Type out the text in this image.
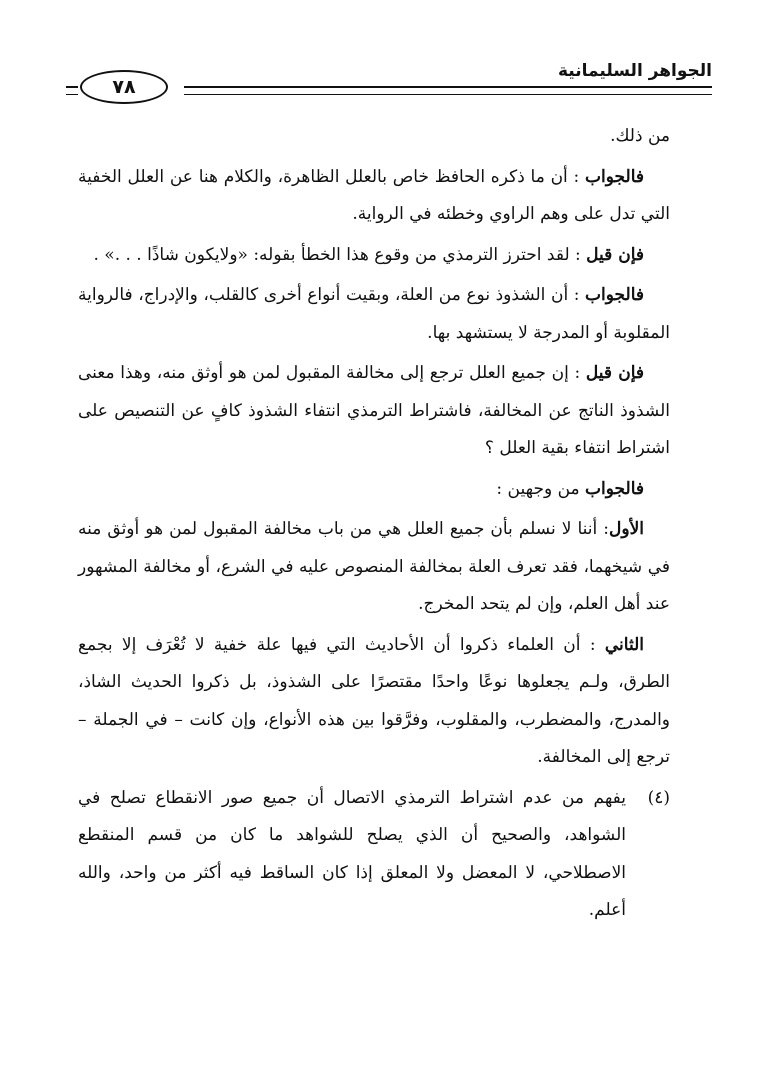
الجواهر السليمانية
٧٨

من ذلك.

فالجواب : أن ما ذكره الحافظ خاص بالعلل الظاهرة، والكلام هنا عن العلل الخفية التي تدل على وهم الراوي وخطئه في الرواية.

فإن قيل : لقد احترز الترمذي من وقوع هذا الخطأ بقوله: «ولايكون شاذًا . . .» .

فالجواب : أن الشذوذ نوع من العلة، وبقيت أنواع أخرى كالقلب، والإدراج، فالرواية المقلوبة أو المدرجة لا يستشهد بها.

فإن قيل : إن جميع العلل ترجع إلى مخالفة المقبول لمن هو أوثق منه، وهذا معنى الشذوذ الناتج عن المخالفة، فاشتراط الترمذي انتفاء الشذوذ كافٍ عن التنصيص على اشتراط انتفاء بقية العلل ؟

فالجواب من وجهين :

الأول: أننا لا نسلم بأن جميع العلل هي من باب مخالفة المقبول لمن هو أوثق منه في شيخهما، فقد تعرف العلة بمخالفة المنصوص عليه في الشرع، أو مخالفة المشهور عند أهل العلم، وإن لم يتحد المخرج.

الثاني : أن العلماء ذكروا أن الأحاديث التي فيها علة خفية لا تُعْرَف إلا بجمع الطرق، ولـم يجعلوها نوعًا واحدًا مقتصرًا على الشذوذ، بل ذكروا الحديث الشاذ، والمدرج، والمضطرب، والمقلوب، وفرَّقوا بين هذه الأنواع، وإن كانت – في الجملة – ترجع إلى المخالفة.

(٤)
يفهم من عدم اشتراط الترمذي الاتصال أن جميع صور الانقطاع تصلح في الشواهد، والصحيح أن الذي يصلح للشواهد ما كان من قسم المنقطع الاصطلاحي، لا المعضل ولا المعلق إذا كان الساقط فيه أكثر من واحد، والله أعلم.
